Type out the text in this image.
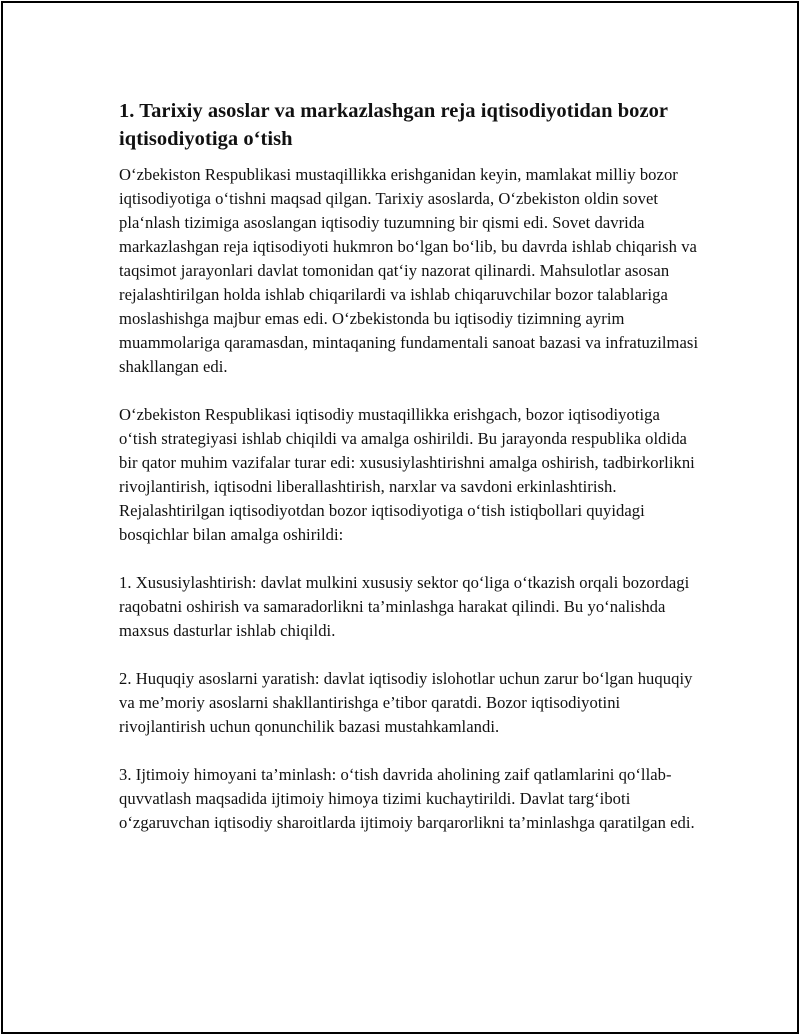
1. Tarixiy asoslar va markazlashgan reja iqtisodiyotidan bozor iqtisodiyotiga o‘tish

O‘zbekiston Respublikasi mustaqillikka erishganidan keyin, mamlakat milliy bozor iqtisodiyotiga o‘tishni maqsad qilgan. Tarixiy asoslarda, O‘zbekiston oldin sovet pla‘nlash tizimiga asoslangan iqtisodiy tuzumning bir qismi edi. Sovet davrida markazlashgan reja iqtisodiyoti hukmron bo‘lgan bo‘lib, bu davrda ishlab chiqarish va taqsimot jarayonlari davlat tomonidan qat‘iy nazorat qilinardi. Mahsulotlar asosan rejalashtirilgan holda ishlab chiqarilardi va ishlab chiqaruvchilar bozor talablariga moslashishga majbur emas edi. O‘zbekistonda bu iqtisodiy tizimning ayrim muammolariga qaramasdan, mintaqaning fundamentali sanoat bazasi va infratuzilmasi shakllangan edi.

O‘zbekiston Respublikasi iqtisodiy mustaqillikka erishgach, bozor iqtisodiyotiga o‘tish strategiyasi ishlab chiqildi va amalga oshirildi. Bu jarayonda respublika oldida bir qator muhim vazifalar turar edi: xususiylashtirishni amalga oshirish, tadbirkorlikni rivojlantirish, iqtisodni liberallashtirish, narxlar va savdoni erkinlashtirish. Rejalashtirilgan iqtisodiyotdan bozor iqtisodiyotiga o‘tish istiqbollari quyidagi bosqichlar bilan amalga oshirildi:

1. Xususiylashtirish: davlat mulkini xususiy sektor qo‘liga o‘tkazish orqali bozordagi raqobatni oshirish va samaradorlikni ta’minlashga harakat qilindi. Bu yo‘nalishda maxsus dasturlar ishlab chiqildi.

2. Huquqiy asoslarni yaratish: davlat iqtisodiy islohotlar uchun zarur bo‘lgan huquqiy va me’moriy asoslarni shakllantirishga e’tibor qaratdi. Bozor iqtisodiyotini rivojlantirish uchun qonunchilik bazasi mustahkamlandi.

3. Ijtimoiy himoyani ta’minlash: o‘tish davrida aholining zaif qatlamlarini qo‘llab-quvvatlash maqsadida ijtimoiy himoya tizimi kuchaytirildi. Davlat targ‘iboti o‘zgaruvchan iqtisodiy sharoitlarda ijtimoiy barqarorlikni ta’minlashga qaratilgan edi.
